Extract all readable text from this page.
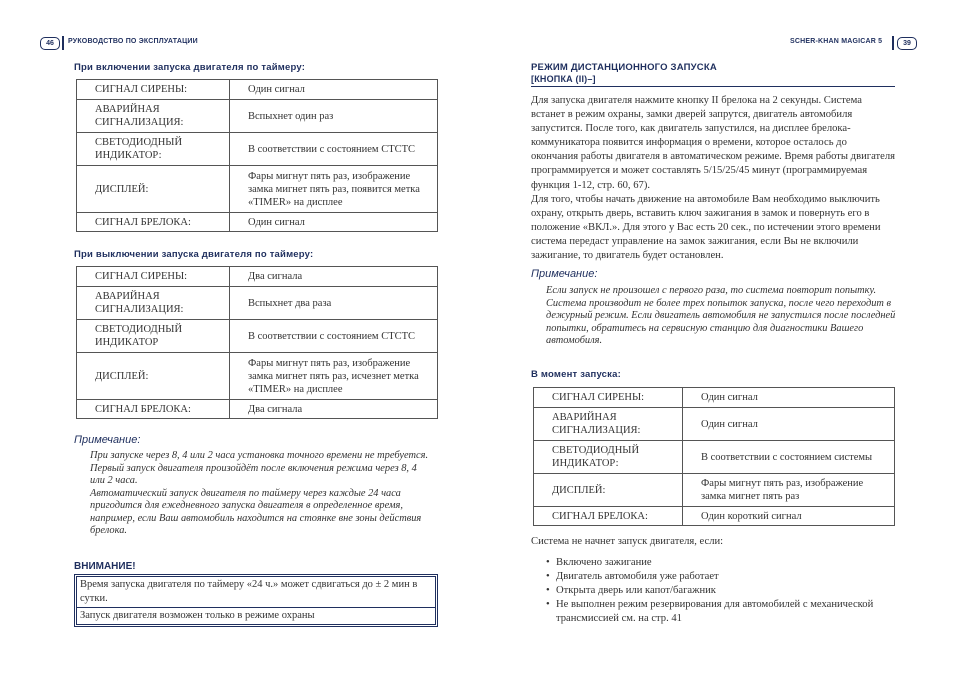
46	РУКОВОДСТВО ПО ЭКСПЛУАТАЦИИ	SCHER-KHAN MAGICAR 5	39
При включении запуска двигателя по таймеру:
СИГНАЛ СИРЕНЫ:	Один сигнал
АВАРИЙНАЯ СИГНАЛИЗАЦИЯ:	Вспыхнет один раз
СВЕТОДИОДНЫЙ ИНДИКАТОР:	В соответствии с состоянием СТСТС
ДИСПЛЕЙ:	Фары мигнут пять раз, изображение замка мигнет пять раз, появится метка «TIMER» на дисплее
СИГНАЛ БРЕЛОКА:	Один сигнал
При выключении запуска двигателя по таймеру:
СИГНАЛ СИРЕНЫ:	Два сигнала
АВАРИЙНАЯ СИГНАЛИЗАЦИЯ:	Вспыхнет два раза
СВЕТОДИОДНЫЙ ИНДИКАТОР	В соответствии с состоянием СТСТС
ДИСПЛЕЙ:	Фары мигнут пять раз, изображение замка мигнет пять раз, исчезнет метка «TIMER» на дисплее
СИГНАЛ БРЕЛОКА:	Два сигнала
Примечание:

При запуске через 8, 4 или 2 часа установка точного времени не требуется. Первый запуск двигателя произойдёт после включения режима через 8, 4 или 2 часа.

Автоматический запуск двигателя по таймеру через каждые 24 часа пригодится для ежедневного запуска двигателя в определенное время, например, если Ваш автомобиль находится на стоянке вне зоны действия брелока.

ВНИМАНИЕ!
Время запуска двигателя по таймеру «24 ч.» может сдвигаться до ± 2 мин в сутки.
Запуск двигателя возможен только в режиме охраны
РЕЖИМ ДИСТАНЦИОННОГО ЗАПУСКА
[КНОПКА (II)–]

Для запуска двигателя нажмите кнопку II брелока на 2 секунды. Система встанет в режим охраны, замки дверей запрутся, двигатель автомобиля запустится. После того, как двигатель запустился, на дисплее брелока-коммуникатора появится информация о времени, которое осталось до окончания работы двигателя в автоматическом режиме. Время работы двигателя программируется и может составлять 5/15/25/45 минут (программируемая функция 1-12, стр. 60, 67).

Для того, чтобы начать движение на автомобиле Вам необходимо выключить охрану, открыть дверь, вставить ключ зажигания в замок и повернуть его в положение «ВКЛ.». Для этого у Вас есть 20 сек., по истечении этого времени система передаст управление на замок зажигания, если Вы не включили зажигание, то двигатель будет остановлен.

Примечание:

Если запуск не произошел с первого раза, то система повторит попытку. Система производит не более трех попыток запуска, после чего переходит в дежурный режим. Если двигатель автомобиля не запустился после последней попытки, обратитесь на сервисную станцию для диагностики Вашего автомобиля.

В момент запуска:
СИГНАЛ СИРЕНЫ:	Один сигнал
АВАРИЙНАЯ СИГНАЛИЗАЦИЯ:	Один сигнал
СВЕТОДИОДНЫЙ ИНДИКАТОР:	В соответствии с состоянием системы
ДИСПЛЕЙ:	Фары мигнут пять раз, изображение замка мигнет пять раз
СИГНАЛ БРЕЛОКА:	Один короткий сигнал
Система не начнет запуск двигателя, если:
• Включено зажигание
• Двигатель автомобиля уже работает
• Открыта дверь или капот/багажник
• Не выполнен режим резервирования для автомобилей с механической трансмиссией см. на стр. 41
